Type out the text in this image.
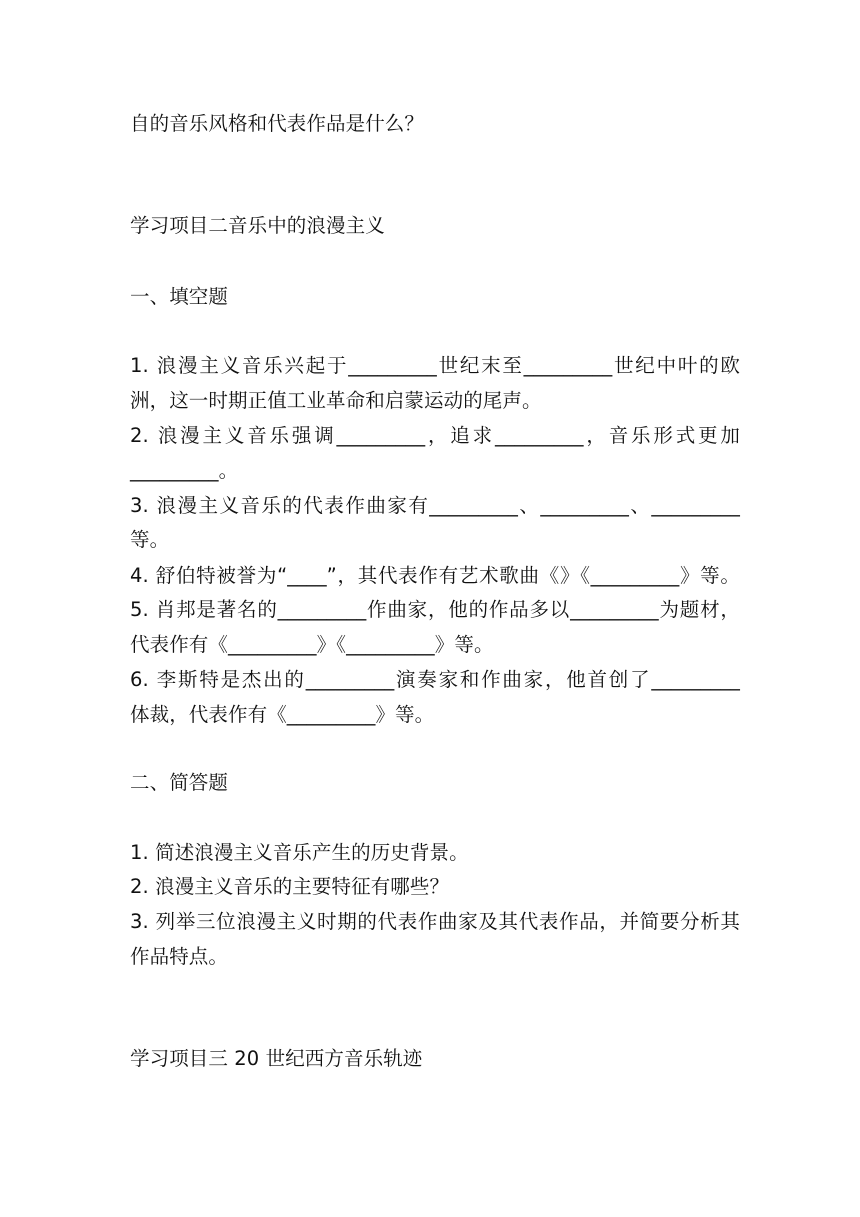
自的音乐风格和代表作品是什么？
学习项目二音乐中的浪漫主义
一、填空题
1. 浪漫主义音乐兴起于_________世纪末至_________世纪中叶的欧
洲，这一时期正值工业革命和启蒙运动的尾声。
2. 浪漫主义音乐强调_________，追求_________，音乐形式更加
_________。
3. 浪漫主义音乐的代表作曲家有_________、_________、_________
等。
4. 舒伯特被誉为“____”，其代表作有艺术歌曲《》《_________》等。
5. 肖邦是著名的_________作曲家，他的作品多以_________为题材，
代表作有《_________》《_________》等。
6. 李斯特是杰出的_________演奏家和作曲家，他首创了_________
体裁，代表作有《_________》等。
二、简答题
1. 简述浪漫主义音乐产生的历史背景。
2. 浪漫主义音乐的主要特征有哪些？
3. 列举三位浪漫主义时期的代表作曲家及其代表作品，并简要分析其
作品特点。
学习项目三 20 世纪西方音乐轨迹
